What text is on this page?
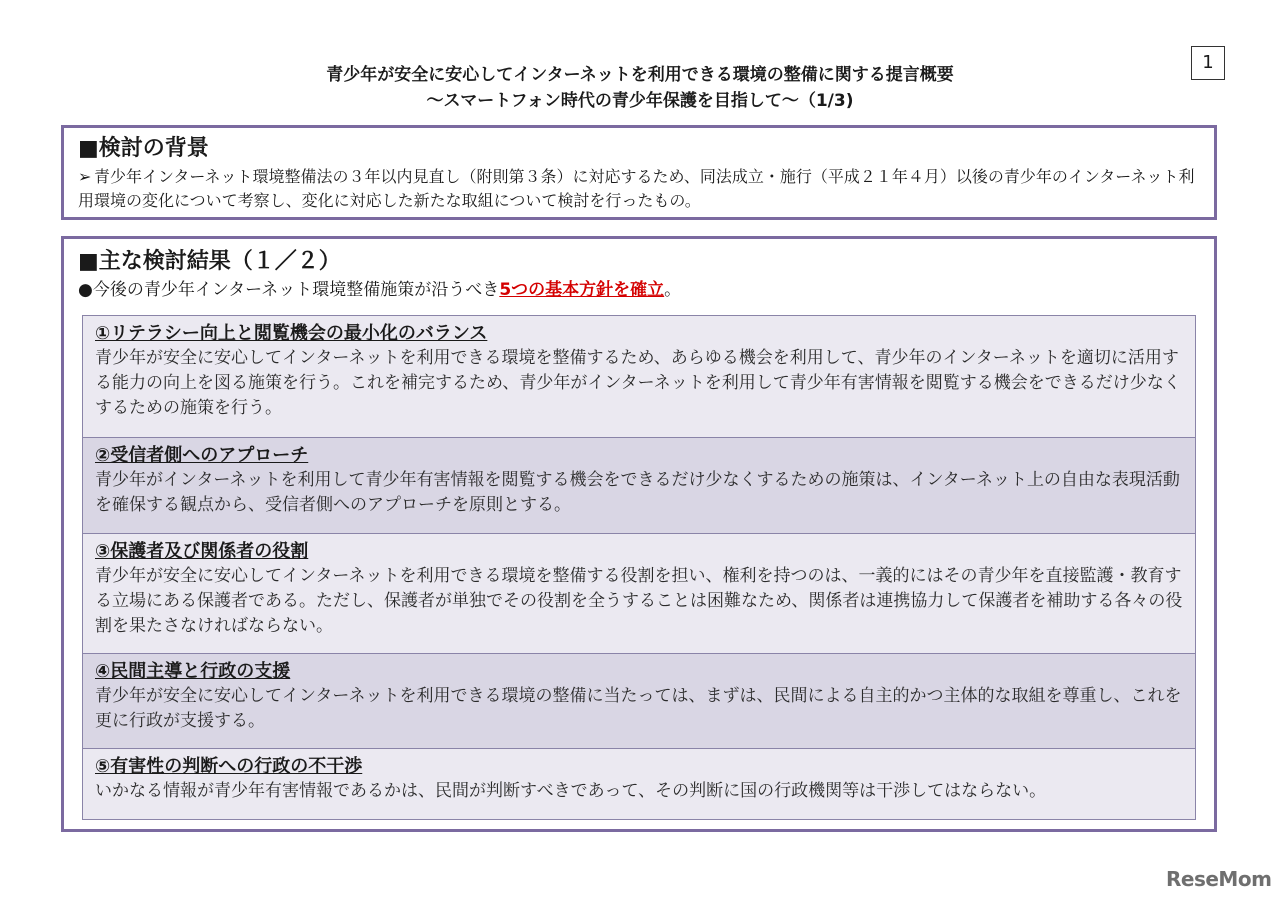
青少年が安全に安心してインターネットを利用できる環境の整備に関する提言概要
～スマートフォン時代の青少年保護を目指して～（1/3)
1
■検討の背景
➢ 青少年インターネット環境整備法の３年以内見直し（附則第３条）に対応するため、同法成立・施行（平成２１年４月）以後の青少年のインターネット利用環境の変化について考察し、変化に対応した新たな取組について検討を行ったもの。
■主な検討結果（１／２）
●今後の青少年インターネット環境整備施策が沿うべき5つの基本方針を確立。
①リテラシー向上と閲覧機会の最小化のバランス
青少年が安全に安心してインターネットを利用できる環境を整備するため、あらゆる機会を利用して、青少年のインターネットを適切に活用する能力の向上を図る施策を行う。これを補完するため、青少年がインターネットを利用して青少年有害情報を閲覧する機会をできるだけ少なくするための施策を行う。
②受信者側へのアプローチ
青少年がインターネットを利用して青少年有害情報を閲覧する機会をできるだけ少なくするための施策は、インターネット上の自由な表現活動を確保する観点から、受信者側へのアプローチを原則とする。
③保護者及び関係者の役割
青少年が安全に安心してインターネットを利用できる環境を整備する役割を担い、権利を持つのは、一義的にはその青少年を直接監護・教育する立場にある保護者である。ただし、保護者が単独でその役割を全うすることは困難なため、関係者は連携協力して保護者を補助する各々の役割を果たさなければならない。
④民間主導と行政の支援
青少年が安全に安心してインターネットを利用できる環境の整備に当たっては、まずは、民間による自主的かつ主体的な取組を尊重し、これを更に行政が支援する。
⑤有害性の判断への行政の不干渉
いかなる情報が青少年有害情報であるかは、民間が判断すべきであって、その判断に国の行政機関等は干渉してはならない。
ReseMom
